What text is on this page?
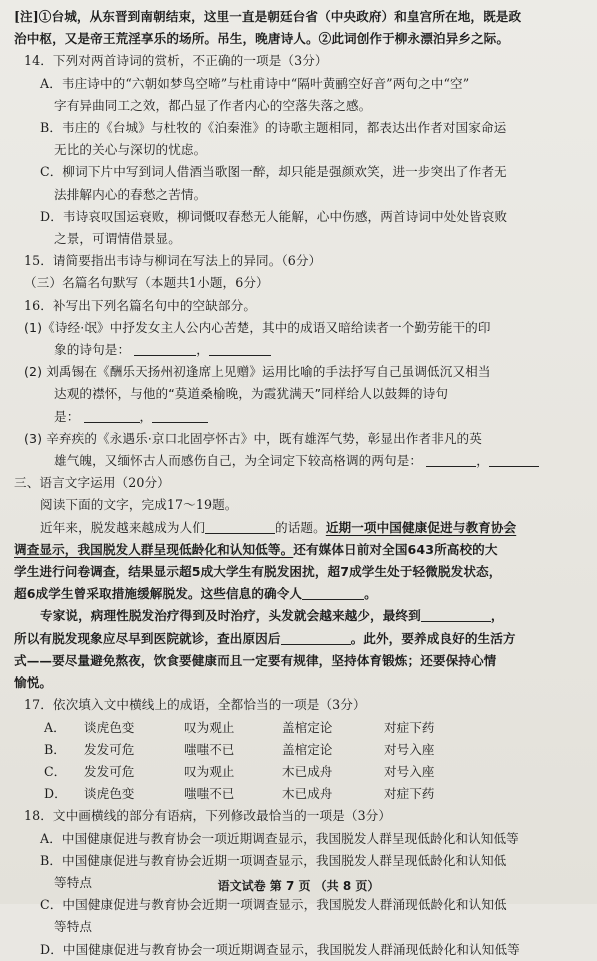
[注]①台城，从东晋到南朝结束，这里一直是朝廷台省（中央政府）和皇宫所在地，既是政
治中枢，又是帝王荒淫享乐的场所。吊生，晚唐诗人。②此词创作于柳永漂泊异乡之际。
14．下列对两首诗词的赏析，不正确的一项是（3分）
A．韦庄诗中的“六朝如梦鸟空啼”与杜甫诗中“隔叶黄鹂空好音”两句之中“空”
字有异曲同工之效，都凸显了作者内心的空落失落之感。
B．韦庄的《台城》与杜牧的《泊秦淮》的诗歌主题相同，都表达出作者对国家命运
无比的关心与深切的忧虑。
C．柳词下片中写到词人借酒当歌图一醉，却只能是强颜欢笑，进一步突出了作者无
法排解内心的春愁之苦情。
D．韦诗哀叹国运衰败，柳词慨叹春愁无人能解，心中伤感，两首诗词中处处皆哀败
之景，可谓情借景显。
15．请简要指出韦诗与柳词在写法上的异同。（6分）
（三）名篇名句默写（本题共1小题，6分）
16．补写出下列名篇名句中的空缺部分。
(1)《诗经·氓》中抒发女主人公内心苦楚，其中的成语又暗给读者一个勤劳能干的印
象的诗句是：	，
(2) 刘禹锡在《酬乐天扬州初逢席上见赠》运用比喻的手法抒写自己虽调低沉又相当
达观的襟怀，与他的“莫道桑榆晚，为霞犹满天”同样给人以鼓舞的诗句
是：	，
(3) 辛弃疾的《永遇乐·京口北固亭怀古》中，既有雄浑气势，彰显出作者非凡的英
雄气魄，又缅怀古人而感伤自己，为全词定下较高格调的两句是：	，
三、语言文字运用（20分）
阅读下面的文字，完成17～19题。
近年来，脱发越来越成为人们	的话题。近期一项中国健康促进与教育协会
调查显示，我国脱发人群呈现低龄化和认知低等。还有媒体日前对全国643所高校的大
学生进行问卷调查，结果显示超5成大学生有脱发困扰，超7成学生处于轻微脱发状态，
超6成学生曾采取措施缓解脱发。这些信息的确令人	。
专家说，病理性脱发治疗得到及时治疗，头发就会越来越少，最终到	，
所以有脱发现象应尽早到医院就诊，查出原因后	。此外，要养成良好的生活方
式——要尽量避免熬夜，饮食要健康而且一定要有规律，坚持体育锻炼；还要保持心情
愉悦。
17．依次填入文中横线上的成语，全都恰当的一项是（3分）
A．	谈虎色变	叹为观止	盖棺定论	对症下药
B．	发发可危	嗤嗤不已	盖棺定论	对号入座
C．	发发可危	叹为观止	木已成舟	对号入座
D．	谈虎色变	嗤嗤不已	木已成舟	对症下药
18．文中画横线的部分有语病，下列修改最恰当的一项是（3分）
A．中国健康促进与教育协会一项近期调查显示，我国脱发人群呈现低龄化和认知低等
B．中国健康促进与教育协会近期一项调查显示，我国脱发人群呈现低龄化和认知低
等特点
C．中国健康促进与教育协会近期一项调查显示，我国脱发人群涌现低龄化和认知低
等特点
D．中国健康促进与教育协会一项近期调查显示，我国脱发人群涌现低龄化和认知低等
语文试卷 第 7 页 （共 8 页）
